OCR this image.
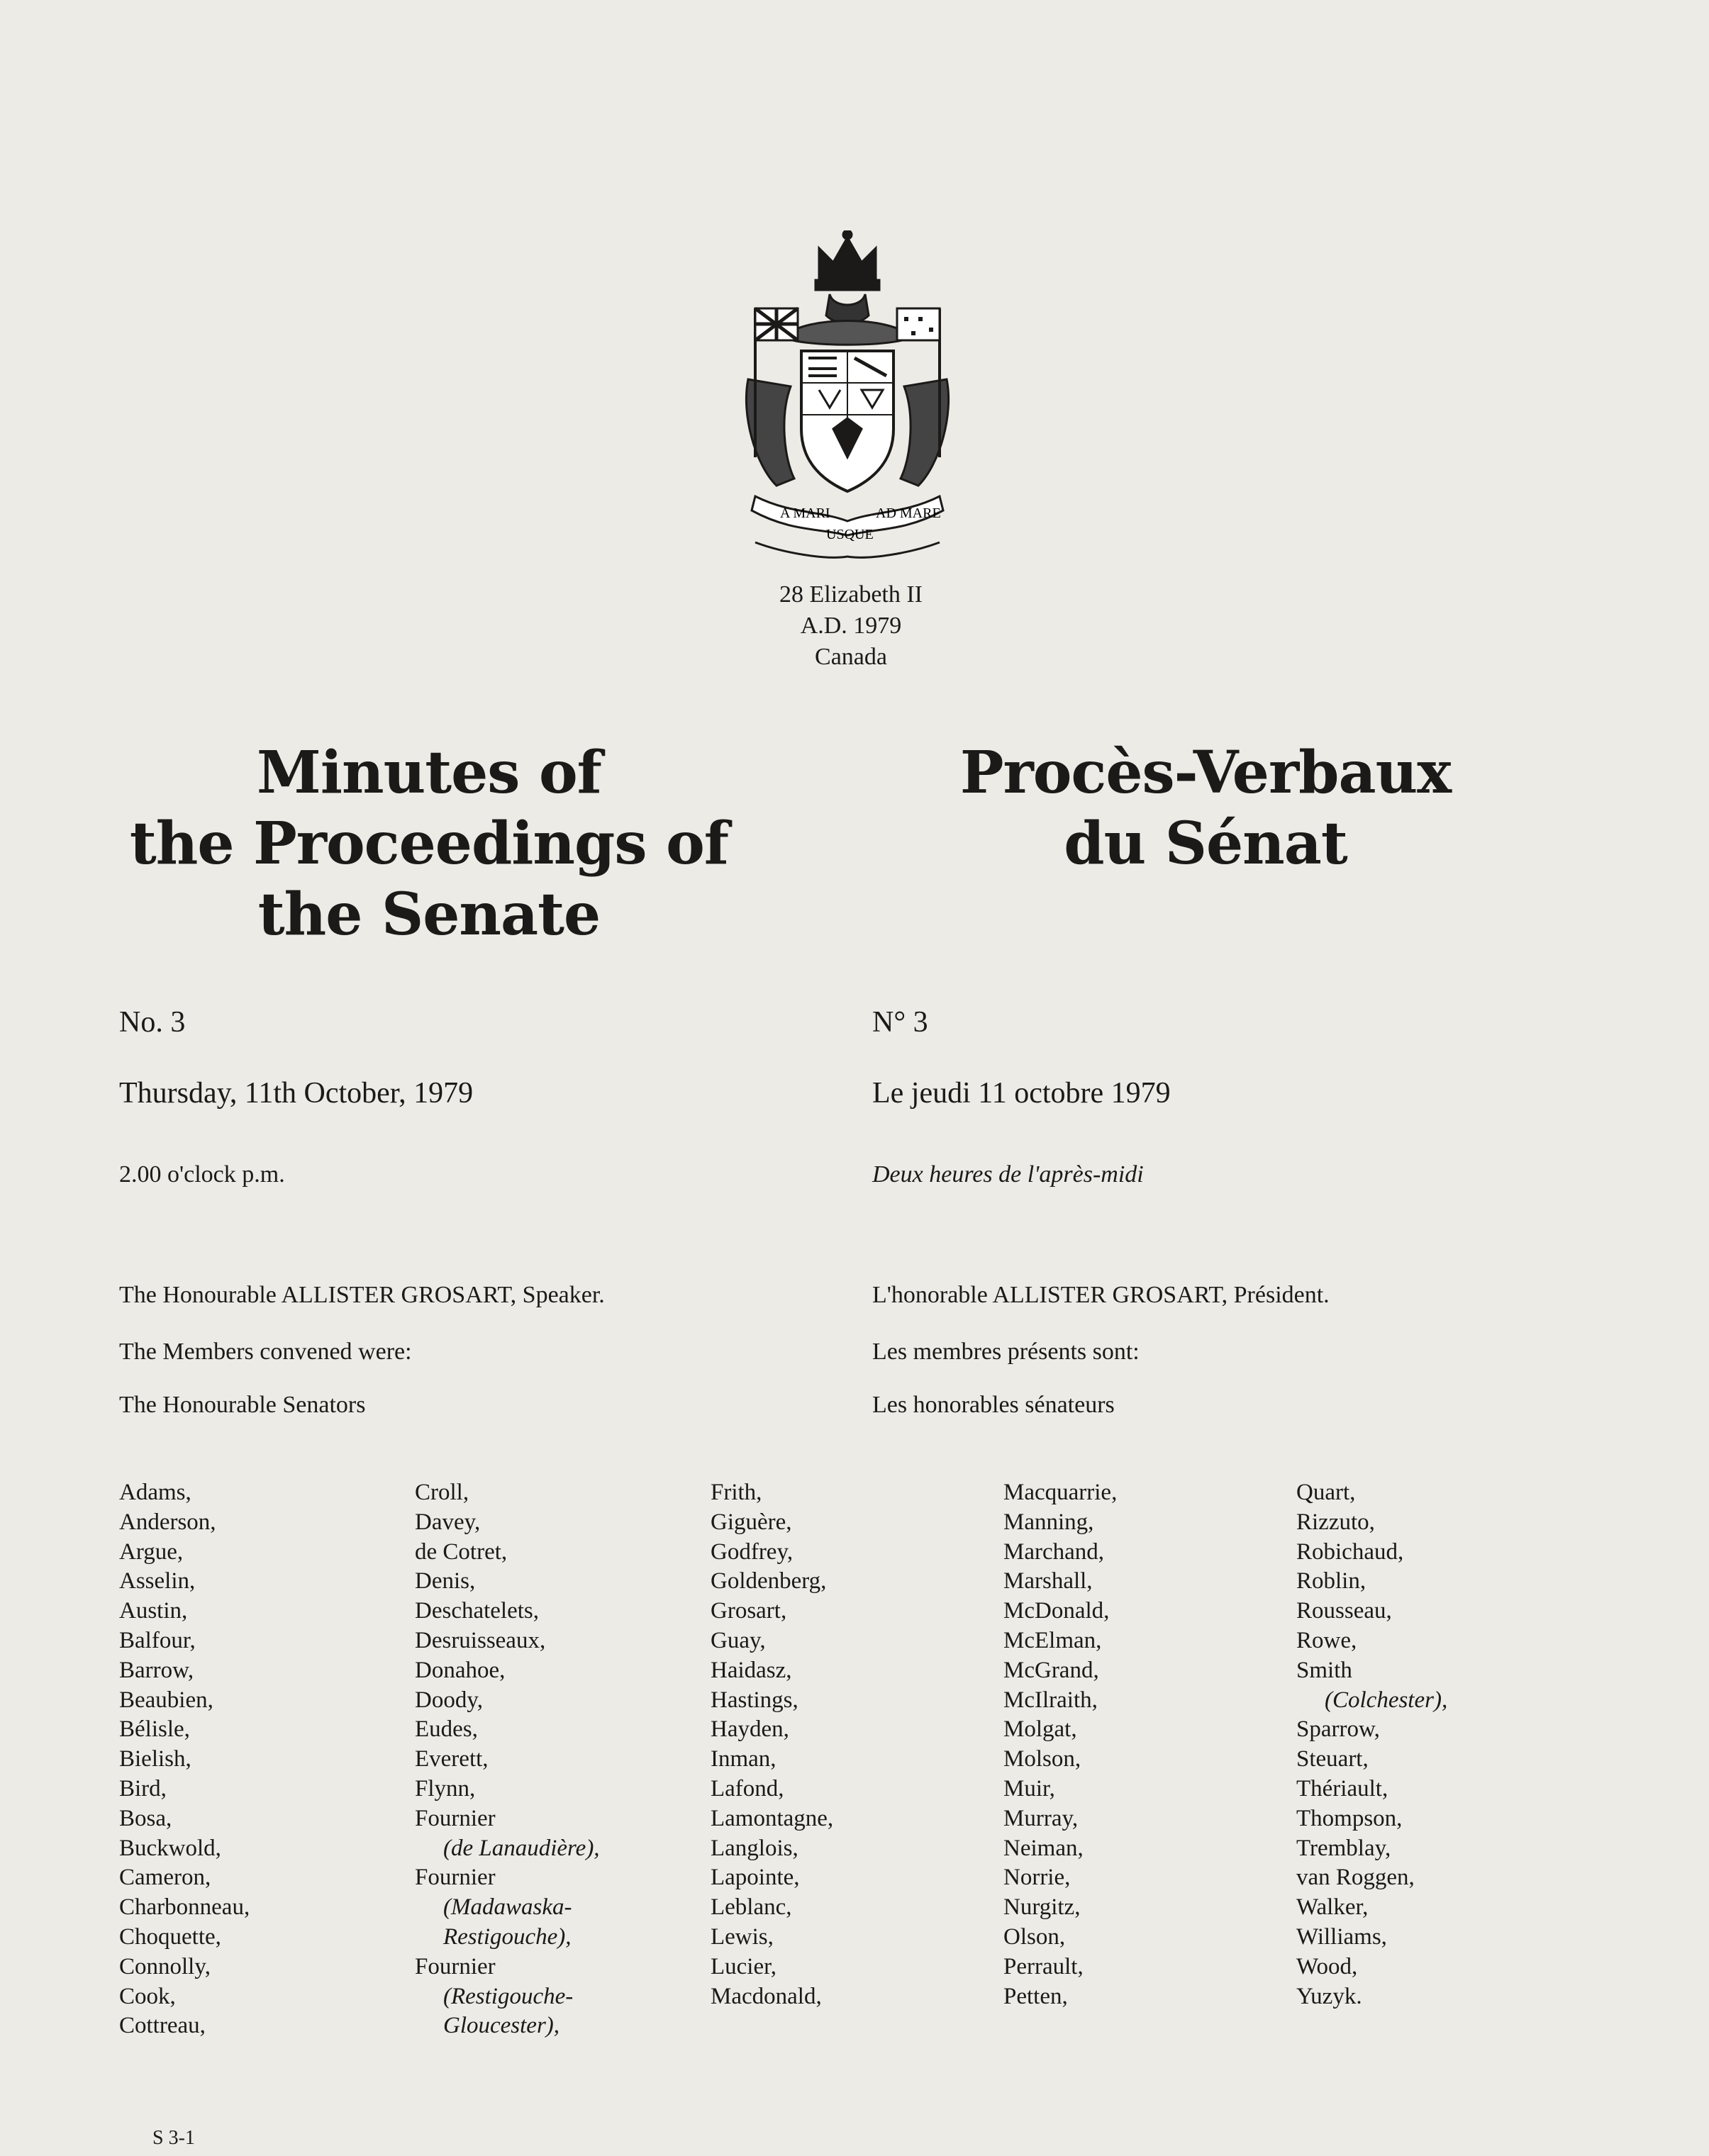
A MARI
USQUE
AD MARE
28 Elizabeth II
A.D. 1979
Canada
Minutes of
the Proceedings of
the Senate
Procès-Verbaux
du Sénat
No. 3	N° 3
Thursday, 11th October, 1979	Le jeudi 11 octobre 1979
2.00 o'clock p.m.	Deux heures de l'après-midi
The Honourable ALLISTER GROSART, Speaker.	L'honorable ALLISTER GROSART, Président.
The Members convened were:	Les membres présents sont:
The Honourable Senators	Les honorables sénateurs
Adams,
Anderson,
Argue,
Asselin,
Austin,
Balfour,
Barrow,
Beaubien,
Bélisle,
Bielish,
Bird,
Bosa,
Buckwold,
Cameron,
Charbonneau,
Choquette,
Connolly,
Cook,
Cottreau,
Croll,
Davey,
de Cotret,
Denis,
Deschatelets,
Desruisseaux,
Donahoe,
Doody,
Eudes,
Everett,
Flynn,
Fournier
(de Lanaudière),
Fournier
(Madawaska-
Restigouche),
Fournier
(Restigouche-
Gloucester),
Frith,
Giguère,
Godfrey,
Goldenberg,
Grosart,
Guay,
Haidasz,
Hastings,
Hayden,
Inman,
Lafond,
Lamontagne,
Langlois,
Lapointe,
Leblanc,
Lewis,
Lucier,
Macdonald,
Macquarrie,
Manning,
Marchand,
Marshall,
McDonald,
McElman,
McGrand,
McIlraith,
Molgat,
Molson,
Muir,
Murray,
Neiman,
Norrie,
Nurgitz,
Olson,
Perrault,
Petten,
Quart,
Rizzuto,
Robichaud,
Roblin,
Rousseau,
Rowe,
Smith
(Colchester),
Sparrow,
Steuart,
Thériault,
Thompson,
Tremblay,
van Roggen,
Walker,
Williams,
Wood,
Yuzyk.
S 3-1
